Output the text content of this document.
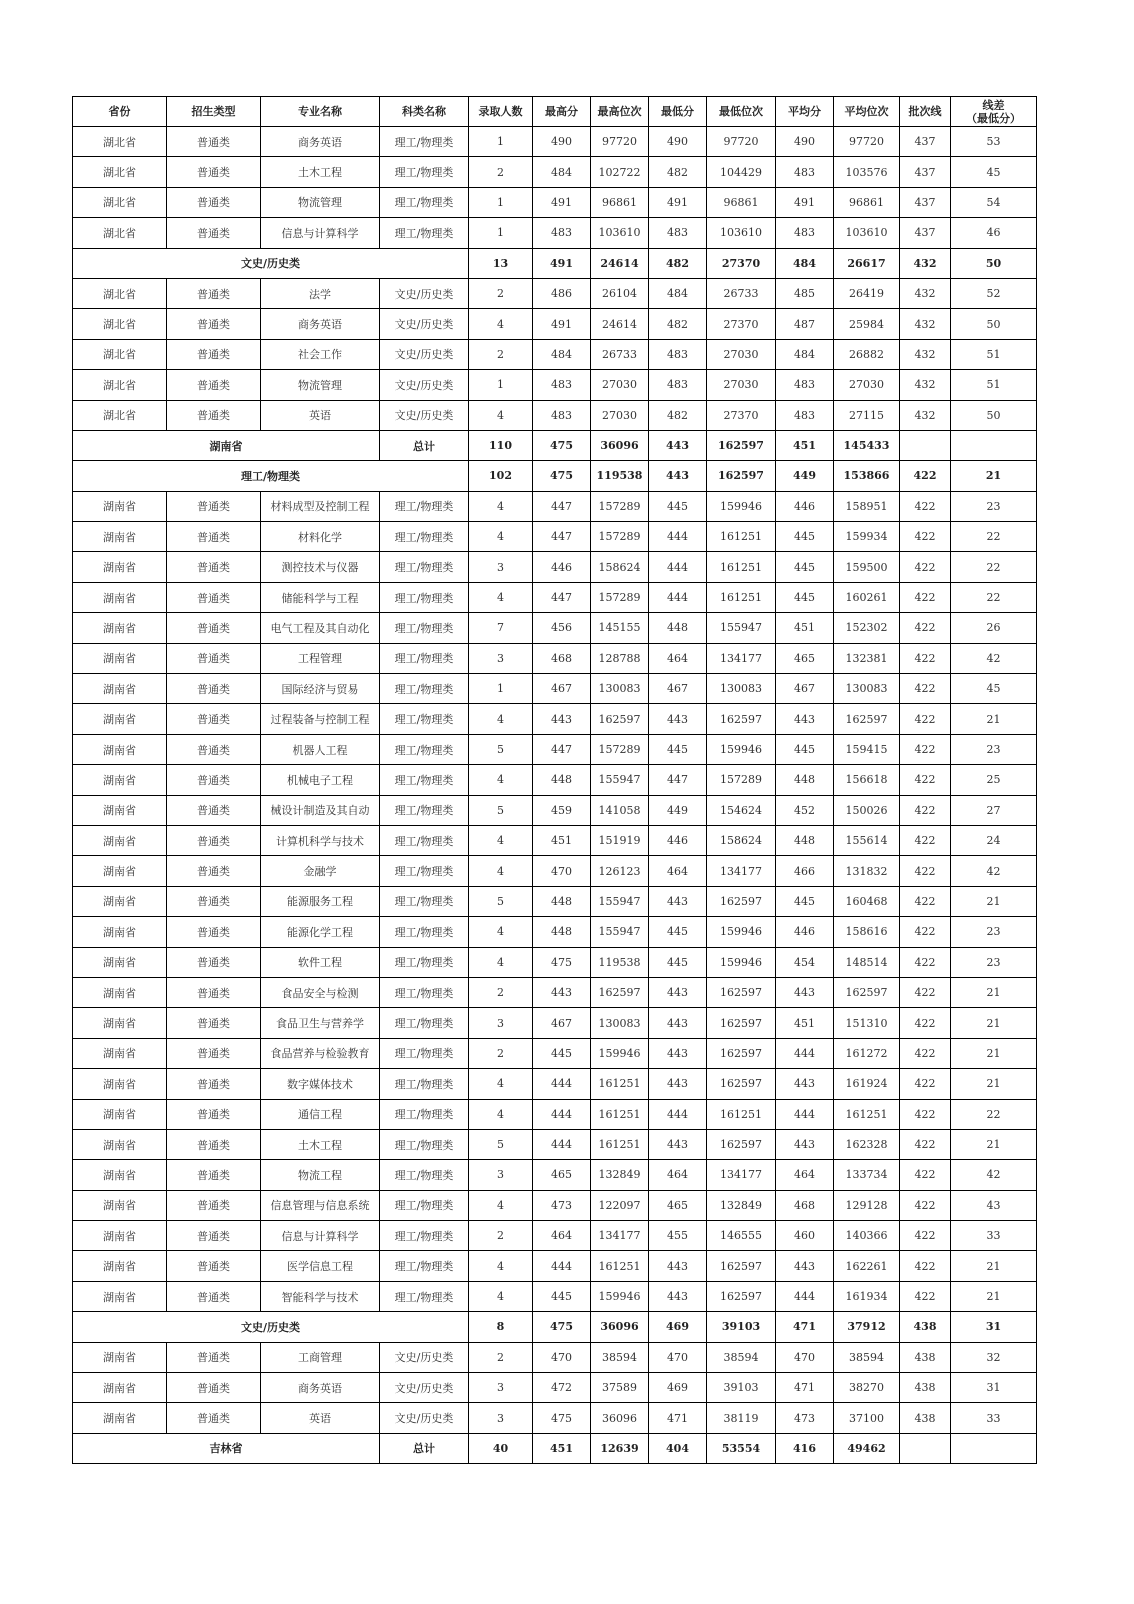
省份	招生类型	专业名称	科类名称	录取人数	最高分	最高位次	最低分	最低位次	平均分	平均位次	批次线	线差
（最低分）
湖北省	普通类	商务英语	理工/物理类	1	490	97720	490	97720	490	97720	437	53
湖北省	普通类	土木工程	理工/物理类	2	484	102722	482	104429	483	103576	437	45
湖北省	普通类	物流管理	理工/物理类	1	491	96861	491	96861	491	96861	437	54
湖北省	普通类	信息与计算科学	理工/物理类	1	483	103610	483	103610	483	103610	437	46
文史/历史类				13	491	24614	482	27370	484	26617	432	50
湖北省	普通类	法学	文史/历史类	2	486	26104	484	26733	485	26419	432	52
湖北省	普通类	商务英语	文史/历史类	4	491	24614	482	27370	487	25984	432	50
湖北省	普通类	社会工作	文史/历史类	2	484	26733	483	27030	484	26882	432	51
湖北省	普通类	物流管理	文史/历史类	1	483	27030	483	27030	483	27030	432	51
湖北省	普通类	英语	文史/历史类	4	483	27030	482	27370	483	27115	432	50
湖南省			总计	110	475	36096	443	162597	451	145433		
理工/物理类				102	475	119538	443	162597	449	153866	422	21
湖南省	普通类	材料成型及控制工程	理工/物理类	4	447	157289	445	159946	446	158951	422	23
湖南省	普通类	材料化学	理工/物理类	4	447	157289	444	161251	445	159934	422	22
湖南省	普通类	测控技术与仪器	理工/物理类	3	446	158624	444	161251	445	159500	422	22
湖南省	普通类	储能科学与工程	理工/物理类	4	447	157289	444	161251	445	160261	422	22
湖南省	普通类	电气工程及其自动化	理工/物理类	7	456	145155	448	155947	451	152302	422	26
湖南省	普通类	工程管理	理工/物理类	3	468	128788	464	134177	465	132381	422	42
湖南省	普通类	国际经济与贸易	理工/物理类	1	467	130083	467	130083	467	130083	422	45
湖南省	普通类	过程装备与控制工程	理工/物理类	4	443	162597	443	162597	443	162597	422	21
湖南省	普通类	机器人工程	理工/物理类	5	447	157289	445	159946	445	159415	422	23
湖南省	普通类	机械电子工程	理工/物理类	4	448	155947	447	157289	448	156618	422	25
湖南省	普通类	械设计制造及其自动	理工/物理类	5	459	141058	449	154624	452	150026	422	27
湖南省	普通类	计算机科学与技术	理工/物理类	4	451	151919	446	158624	448	155614	422	24
湖南省	普通类	金融学	理工/物理类	4	470	126123	464	134177	466	131832	422	42
湖南省	普通类	能源服务工程	理工/物理类	5	448	155947	443	162597	445	160468	422	21
湖南省	普通类	能源化学工程	理工/物理类	4	448	155947	445	159946	446	158616	422	23
湖南省	普通类	软件工程	理工/物理类	4	475	119538	445	159946	454	148514	422	23
湖南省	普通类	食品安全与检测	理工/物理类	2	443	162597	443	162597	443	162597	422	21
湖南省	普通类	食品卫生与营养学	理工/物理类	3	467	130083	443	162597	451	151310	422	21
湖南省	普通类	食品营养与检验教育	理工/物理类	2	445	159946	443	162597	444	161272	422	21
湖南省	普通类	数字媒体技术	理工/物理类	4	444	161251	443	162597	443	161924	422	21
湖南省	普通类	通信工程	理工/物理类	4	444	161251	444	161251	444	161251	422	22
湖南省	普通类	土木工程	理工/物理类	5	444	161251	443	162597	443	162328	422	21
湖南省	普通类	物流工程	理工/物理类	3	465	132849	464	134177	464	133734	422	42
湖南省	普通类	信息管理与信息系统	理工/物理类	4	473	122097	465	132849	468	129128	422	43
湖南省	普通类	信息与计算科学	理工/物理类	2	464	134177	455	146555	460	140366	422	33
湖南省	普通类	医学信息工程	理工/物理类	4	444	161251	443	162597	443	162261	422	21
湖南省	普通类	智能科学与技术	理工/物理类	4	445	159946	443	162597	444	161934	422	21
文史/历史类				8	475	36096	469	39103	471	37912	438	31
湖南省	普通类	工商管理	文史/历史类	2	470	38594	470	38594	470	38594	438	32
湖南省	普通类	商务英语	文史/历史类	3	472	37589	469	39103	471	38270	438	31
湖南省	普通类	英语	文史/历史类	3	475	36096	471	38119	473	37100	438	33
吉林省			总计	40	451	12639	404	53554	416	49462		
